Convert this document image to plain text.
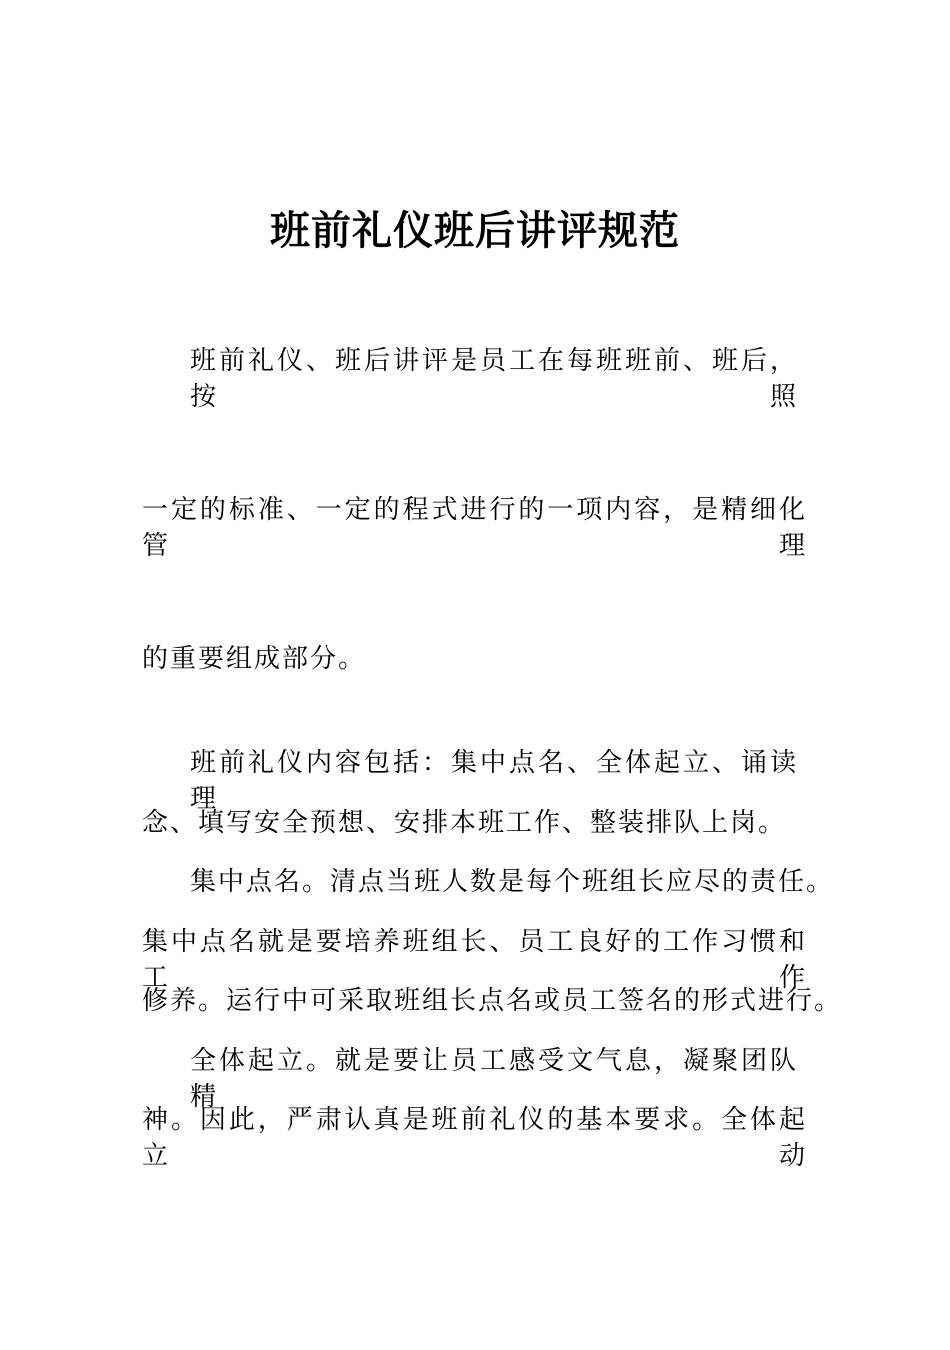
班前礼仪班后讲评规范
班前礼仪、班后讲评是员工在每班班前、班后，按照
一定的标准、一定的程式进行的一项内容，是精细化管理
的重要组成部分。
班前礼仪内容包括：集中点名、全体起立、诵读理
念、填写安全预想、安排本班工作、整装排队上岗。
集中点名。清点当班人数是每个班组长应尽的责任。
集中点名就是要培养班组长、员工良好的工作习惯和工作
修养。运行中可采取班组长点名或员工签名的形式进行。
全体起立。就是要让员工感受文气息，凝聚团队精
神。因此，严肃认真是班前礼仪的基本要求。全体起立动
